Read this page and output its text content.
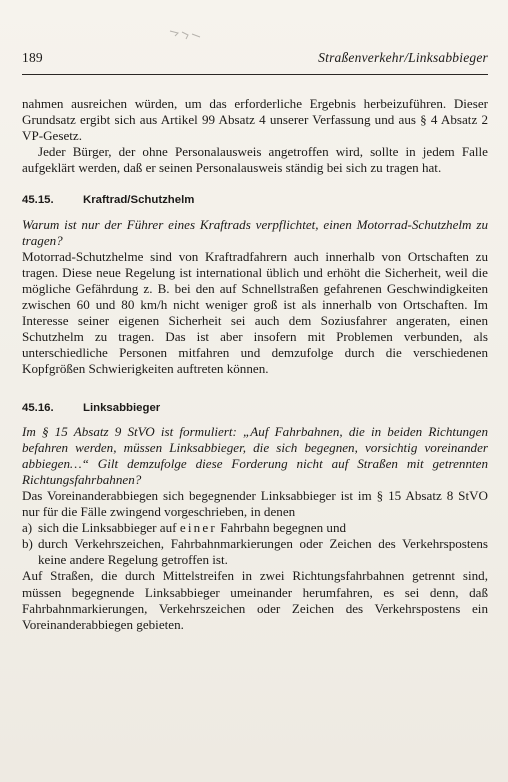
189	Straßenverkehr/Linksabbieger

nahmen ausreichen würden, um das erforderliche Ergebnis herbeizuführen. Dieser Grundsatz ergibt sich aus Artikel 99 Absatz 4 unserer Verfassung und aus § 4 Absatz 2 VP-Gesetz.

Jeder Bürger, der ohne Personalausweis angetroffen wird, sollte in jedem Falle aufgeklärt werden, daß er seinen Personalausweis ständig bei sich zu tragen hat.

45.15.	Kraftrad/Schutzhelm

Warum ist nur der Führer eines Kraftrads verpflichtet, einen Motorrad-Schutzhelm zu tragen?

Motorrad-Schutzhelme sind von Kraftradfahrern auch innerhalb von Ortschaften zu tragen. Diese neue Regelung ist international üblich und erhöht die Sicherheit, weil die mögliche Gefährdung z. B. bei den auf Schnellstraßen gefahrenen Geschwindigkeiten zwischen 60 und 80 km/h nicht weniger groß ist als innerhalb von Ortschaften. Im Interesse seiner eigenen Sicherheit sei auch dem Soziusfahrer angeraten, einen Schutzhelm zu tragen. Das ist aber insofern mit Problemen verbunden, als unterschiedliche Personen mitfahren und demzufolge durch die verschiedenen Kopfgrößen Schwierigkeiten auftreten können.

45.16.	Linksabbieger

Im § 15 Absatz 9 StVO ist formuliert: „Auf Fahrbahnen, die in beiden Richtungen befahren werden, müssen Linksabbieger, die sich begegnen, vorsichtig voreinander abbiegen…“ Gilt demzufolge diese Forderung nicht auf Straßen mit getrennten Richtungsfahrbahnen?

Das Voreinanderabbiegen sich begegnender Linksabbieger ist im § 15 Absatz 8 StVO nur für die Fälle zwingend vorgeschrieben, in denen

a) sich die Linksabbieger auf einer Fahrbahn begegnen und
b) durch Verkehrszeichen, Fahrbahnmarkierungen oder Zeichen des Verkehrspostens keine andere Regelung getroffen ist.

Auf Straßen, die durch Mittelstreifen in zwei Richtungsfahrbahnen getrennt sind, müssen begegnende Linksabbieger umeinander herumfahren, es sei denn, daß Fahrbahnmarkierungen, Verkehrszeichen oder Zeichen des Verkehrspostens ein Voreinanderabbiegen gebieten.
